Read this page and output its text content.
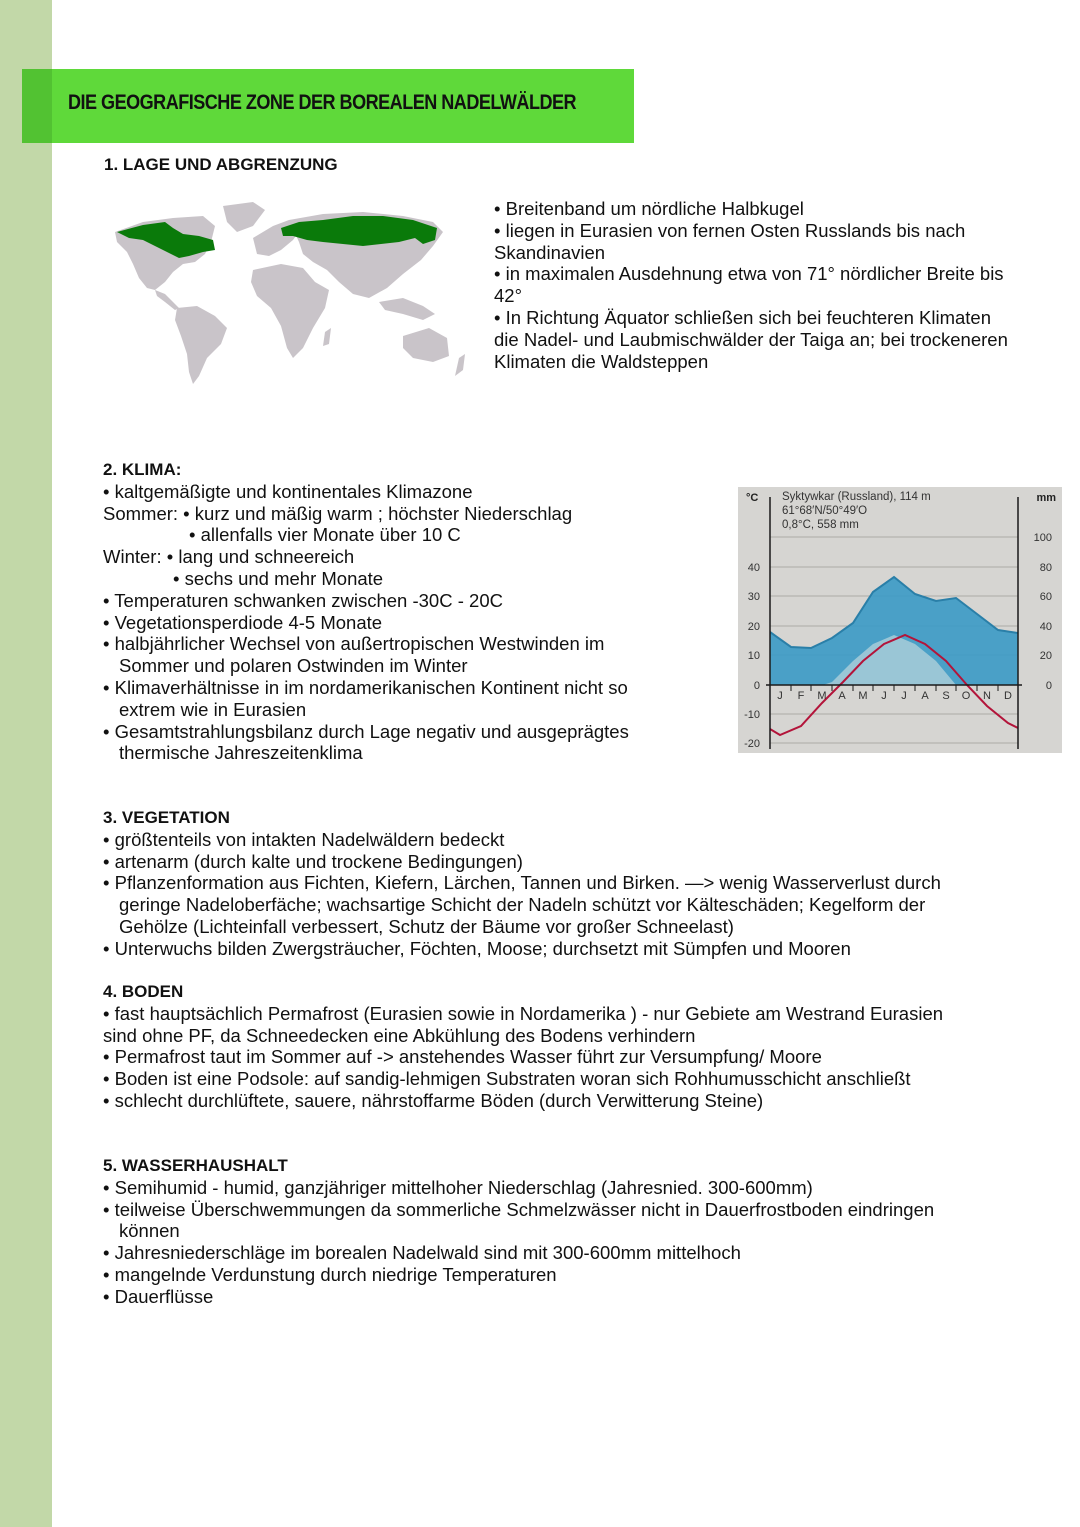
DIE GEOGRAFISCHE ZONE DER BOREALEN NADELWÄLDER
1. LAGE UND ABGRENZUNG
• Breitenband um nördliche Halbkugel
• liegen in Eurasien von fernen Osten Russlands bis nach
Skandinavien
• in maximalen Ausdehnung etwa von 71° nördlicher Breite bis
42°
• In Richtung Äquator schließen sich bei feuchteren Klimaten
die Nadel- und Laubmischwälder der Taiga an; bei trockeneren
Klimaten die Waldsteppen
2. KLIMA:
• kaltgemäßigte und kontinentales Klimazone
Sommer: • kurz und mäßig warm ; höchster Niederschlag
• allenfalls vier Monate über 10 C
Winter: • lang und schneereich
• sechs und mehr Monate
• Temperaturen schwanken zwischen -30C - 20C
• Vegetationsperdiode 4-5 Monate
• halbjährlicher Wechsel von außertropischen Westwinden im
Sommer und polaren Ostwinden im Winter
• Klimaverhältnisse in im nordamerikanischen Kontinent nicht so
extrem wie in Eurasien
• Gesamtstrahlungsbilanz durch Lage negativ und ausgeprägtes
thermische Jahreszeitenklima
J F M A M J J A S O N D
40
30
20
10
0
-10
-20
100
80
60
40
20
0
°C	mm
Syktywkar (Russland), 114 m
61°68′N/50°49′O
0,8°C, 558 mm
3. VEGETATION
• größtenteils von intakten Nadelwäldern bedeckt
• artenarm (durch kalte und trockene Bedingungen)
• Pflanzenformation aus Fichten, Kiefern, Lärchen, Tannen und Birken. —> wenig Wasserverlust durch
geringe Nadeloberfäche; wachsartige Schicht der Nadeln schützt vor Kälteschäden; Kegelform der
Gehölze (Lichteinfall verbessert, Schutz der Bäume vor großer Schneelast)
• Unterwuchs bilden Zwergsträucher, Föchten, Moose; durchsetzt mit Sümpfen und Mooren
4. BODEN
• fast hauptsächlich Permafrost (Eurasien sowie in Nordamerika ) - nur Gebiete am Westrand Eurasien
sind ohne PF, da Schneedecken eine Abkühlung des Bodens verhindern
• Permafrost taut im Sommer auf -> anstehendes Wasser führt zur Versumpfung/ Moore
• Boden ist eine Podsole: auf sandig-lehmigen Substraten woran sich Rohhumusschicht anschließt
• schlecht durchlüftete, sauere, nährstoffarme Böden (durch Verwitterung Steine)
5. WASSERHAUSHALT
• Semihumid - humid, ganzjähriger mittelhoher Niederschlag (Jahresnied. 300-600mm)
• teilweise Überschwemmungen da sommerliche Schmelzwässer nicht in Dauerfrostboden eindringen
können
• Jahresniederschläge im borealen Nadelwald sind mit 300-600mm mittelhoch
• mangelnde Verdunstung durch niedrige Temperaturen
• Dauerflüsse
